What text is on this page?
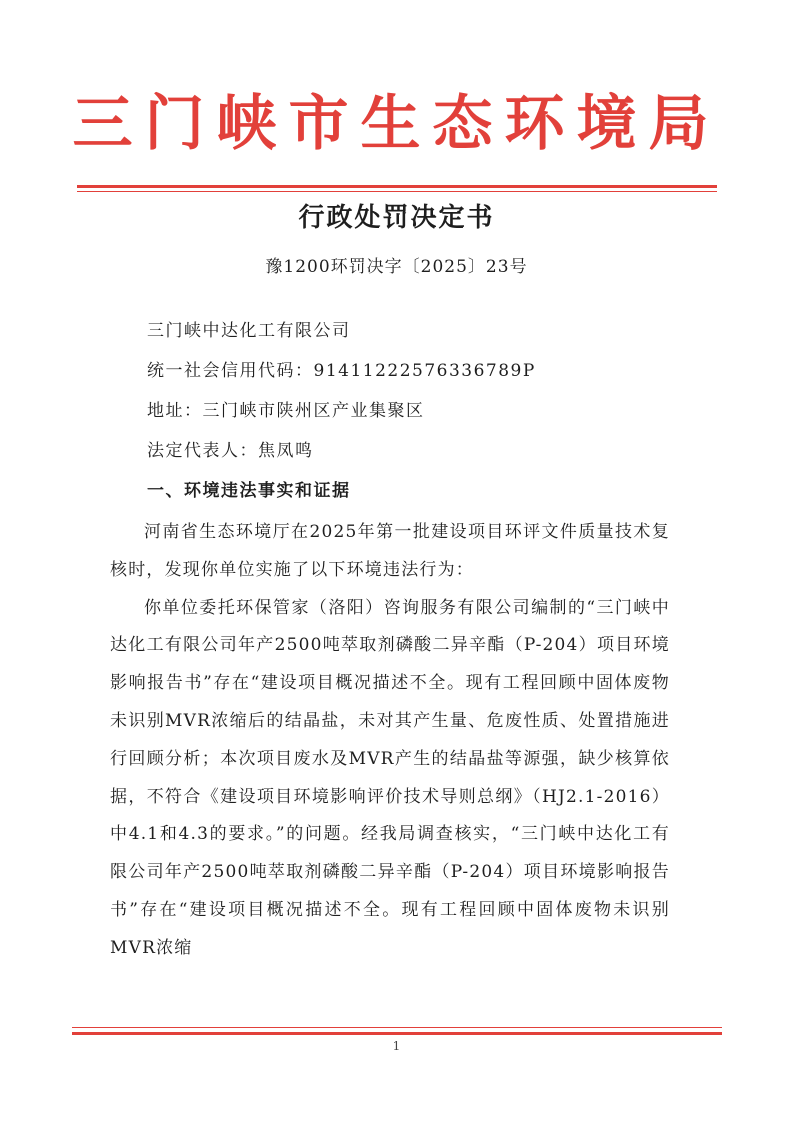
三门峡市生态环境局
行政处罚决定书
豫1200环罚决字〔2025〕23号
三门峡中达化工有限公司
统一社会信用代码：91411222576336789P
地址：三门峡市陕州区产业集聚区
法定代表人：焦凤鸣
一、环境违法事实和证据

河南省生态环境厅在2025年第一批建设项目环评文件质量技术复核时，发现你单位实施了以下环境违法行为：

你单位委托环保管家（洛阳）咨询服务有限公司编制的“三门峡中达化工有限公司年产2500吨萃取剂磷酸二异辛酯（P-204）项目环境影响报告书”存在“建设项目概况描述不全。现有工程回顾中固体废物未识别MVR浓缩后的结晶盐，未对其产生量、危废性质、处置措施进行回顾分析；本次项目废水及MVR产生的结晶盐等源强，缺少核算依据，不符合《建设项目环境影响评价技术导则总纲》（HJ2.1-2016）中4.1和4.3的要求。”的问题。经我局调查核实，“三门峡中达化工有限公司年产2500吨萃取剂磷酸二异辛酯（P-204）项目环境影响报告书”存在“建设项目概况描述不全。现有工程回顾中固体废物未识别MVR浓缩

1
